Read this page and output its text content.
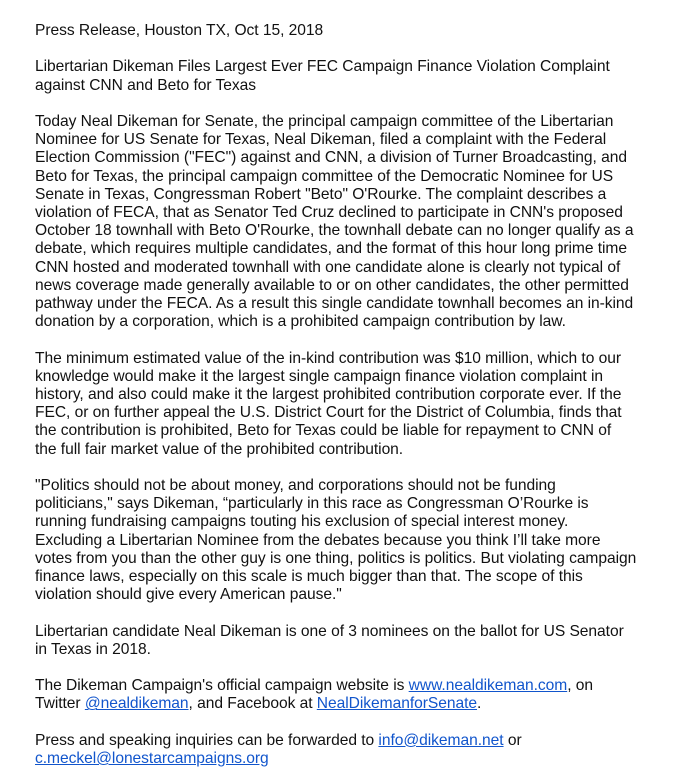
Press Release, Houston TX, Oct 15, 2018

Libertarian Dikeman Files Largest Ever FEC Campaign Finance Violation Complaint
against CNN and Beto for Texas

Today Neal Dikeman for Senate, the principal campaign committee of the Libertarian
Nominee for US Senate for Texas, Neal Dikeman, filed a complaint with the Federal
Election Commission ("FEC") against and CNN, a division of Turner Broadcasting, and
Beto for Texas, the principal campaign committee of the Democratic Nominee for US
Senate in Texas, Congressman Robert "Beto" O'Rourke. The complaint describes a
violation of FECA, that as Senator Ted Cruz declined to participate in CNN's proposed
October 18 townhall with Beto O'Rourke, the townhall debate can no longer qualify as a
debate, which requires multiple candidates, and the format of this hour long prime time
CNN hosted and moderated townhall with one candidate alone is clearly not typical of
news coverage made generally available to or on other candidates, the other permitted
pathway under the FECA. As a result this single candidate townhall becomes an in-kind
donation by a corporation, which is a prohibited campaign contribution by law.

The minimum estimated value of the in-kind contribution was $10 million, which to our
knowledge would make it the largest single campaign finance violation complaint in
history, and also could make it the largest prohibited contribution corporate ever. If the
FEC, or on further appeal the U.S. District Court for the District of Columbia, finds that
the contribution is prohibited, Beto for Texas could be liable for repayment to CNN of
the full fair market value of the prohibited contribution.

"Politics should not be about money, and corporations should not be funding
politicians," says Dikeman, “particularly in this race as Congressman O’Rourke is
running fundraising campaigns touting his exclusion of special interest money.
Excluding a Libertarian Nominee from the debates because you think I’ll take more
votes from you than the other guy is one thing, politics is politics. But violating campaign
finance laws, especially on this scale is much bigger than that. The scope of this
violation should give every American pause."

Libertarian candidate Neal Dikeman is one of 3 nominees on the ballot for US Senator
in Texas in 2018.

The Dikeman Campaign's official campaign website is www.nealdikeman.com, on
Twitter @nealdikeman, and Facebook at NealDikemanforSenate.

Press and speaking inquiries can be forwarded to info@dikeman.net or
c.meckel@lonestarcampaigns.org
